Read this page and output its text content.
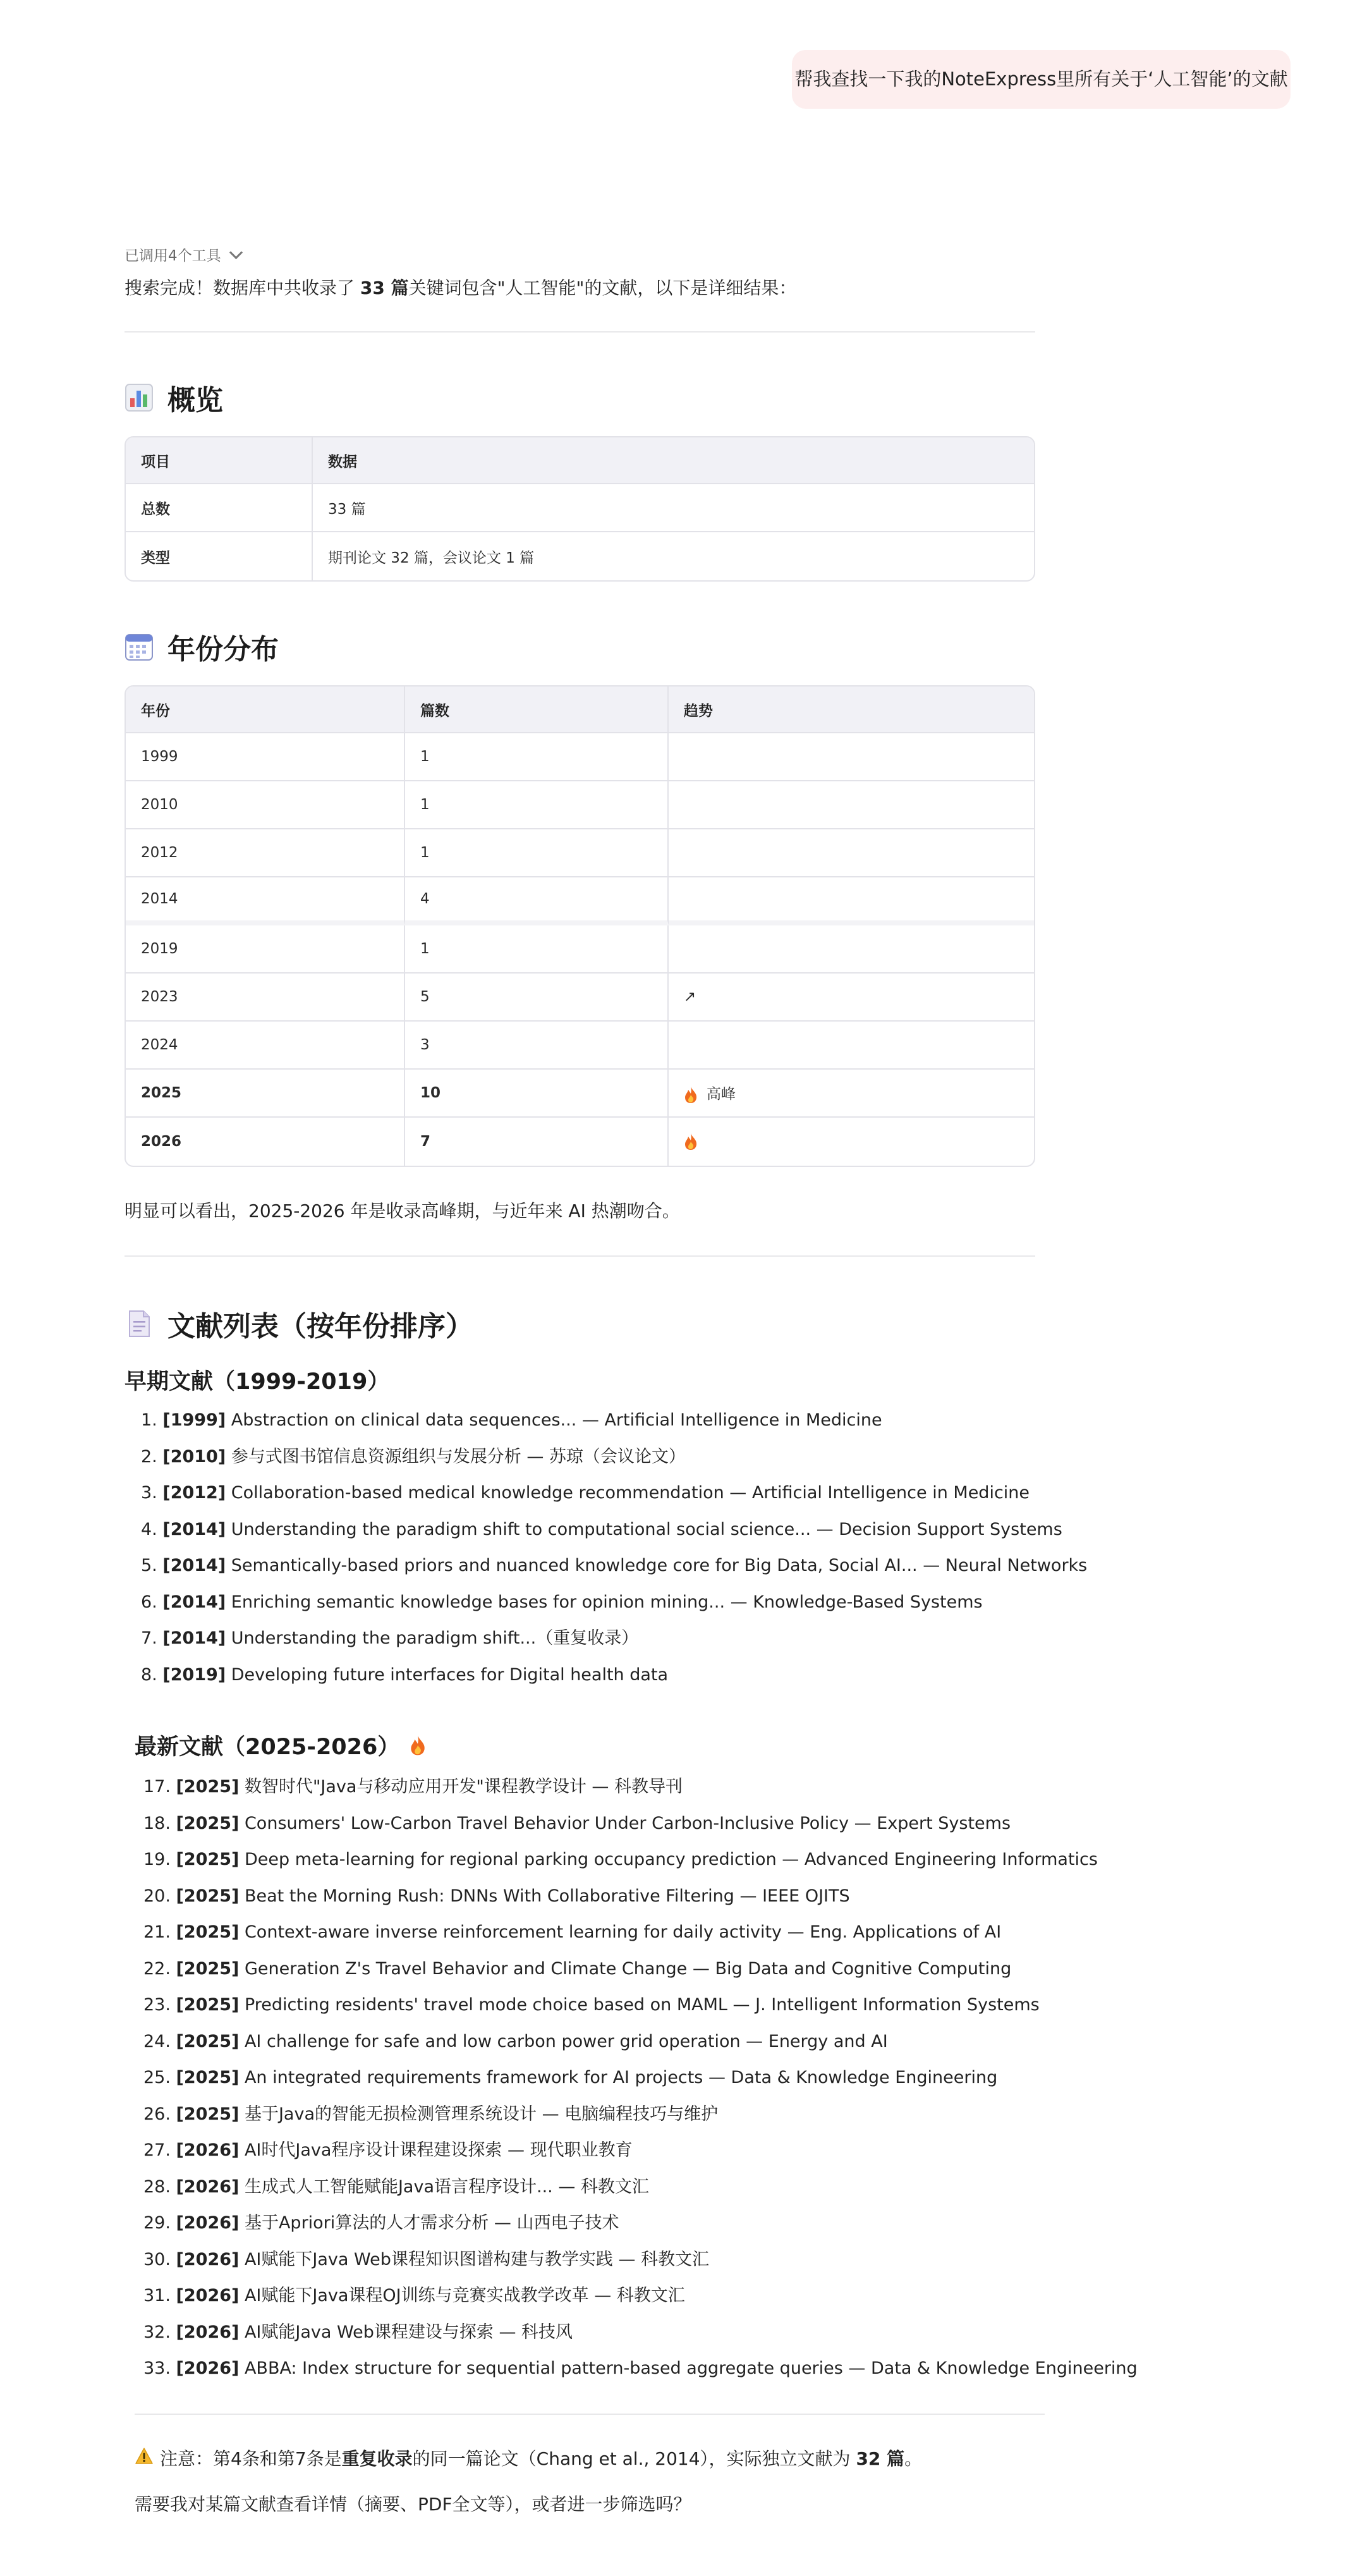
帮我查找一下我的NoteExpress里所有关于‘人工智能’的文献
已调用4个工具
搜索完成！数据库中共收录了 33 篇关键词包含"人工智能"的文献，以下是详细结果：
概览
项目	数据
总数	33 篇
类型	期刊论文 32 篇，会议论文 1 篇
年份分布
年份	篇数	趋势
1999	1	
2010	1	
2012	1	
2014	4	
2019	1	
2023	5	↗
2024	3	
2025	10	高峰
2026	7	
明显可以看出，2025-2026 年是收录高峰期，与近年来 AI 热潮吻合。
文献列表（按年份排序）
早期文献（1999-2019）
1. [1999] Abstraction on clinical data sequences... — Artificial Intelligence in Medicine
2. [2010] 参与式图书馆信息资源组织与发展分析 — 苏琼（会议论文）
3. [2012] Collaboration-based medical knowledge recommendation — Artificial Intelligence in Medicine
4. [2014] Understanding the paradigm shift to computational social science... — Decision Support Systems
5. [2014] Semantically-based priors and nuanced knowledge core for Big Data, Social AI... — Neural Networks
6. [2014] Enriching semantic knowledge bases for opinion mining... — Knowledge-Based Systems
7. [2014] Understanding the paradigm shift...（重复收录）
8. [2019] Developing future interfaces for Digital health data
最新文献（2025-2026）
17. [2025] 数智时代"Java与移动应用开发"课程教学设计 — 科教导刊
18. [2025] Consumers' Low-Carbon Travel Behavior Under Carbon-Inclusive Policy — Expert Systems
19. [2025] Deep meta-learning for regional parking occupancy prediction — Advanced Engineering Informatics
20. [2025] Beat the Morning Rush: DNNs With Collaborative Filtering — IEEE OJITS
21. [2025] Context-aware inverse reinforcement learning for daily activity — Eng. Applications of AI
22. [2025] Generation Z's Travel Behavior and Climate Change — Big Data and Cognitive Computing
23. [2025] Predicting residents' travel mode choice based on MAML — J. Intelligent Information Systems
24. [2025] AI challenge for safe and low carbon power grid operation — Energy and AI
25. [2025] An integrated requirements framework for AI projects — Data & Knowledge Engineering
26. [2025] 基于Java的智能无损检测管理系统设计 — 电脑编程技巧与维护
27. [2026] AI时代Java程序设计课程建设探索 — 现代职业教育
28. [2026] 生成式人工智能赋能Java语言程序设计... — 科教文汇
29. [2026] 基于Apriori算法的人才需求分析 — 山西电子技术
30. [2026] AI赋能下Java Web课程知识图谱构建与教学实践 — 科教文汇
31. [2026] AI赋能下Java课程OJ训练与竞赛实战教学改革 — 科教文汇
32. [2026] AI赋能Java Web课程建设与探索 — 科技风
33. [2026] ABBA: Index structure for sequential pattern-based aggregate queries — Data & Knowledge Engineering
注意：第4条和第7条是重复收录的同一篇论文（Chang et al., 2014），实际独立文献为 32 篇。
需要我对某篇文献查看详情（摘要、PDF全文等），或者进一步筛选吗？
